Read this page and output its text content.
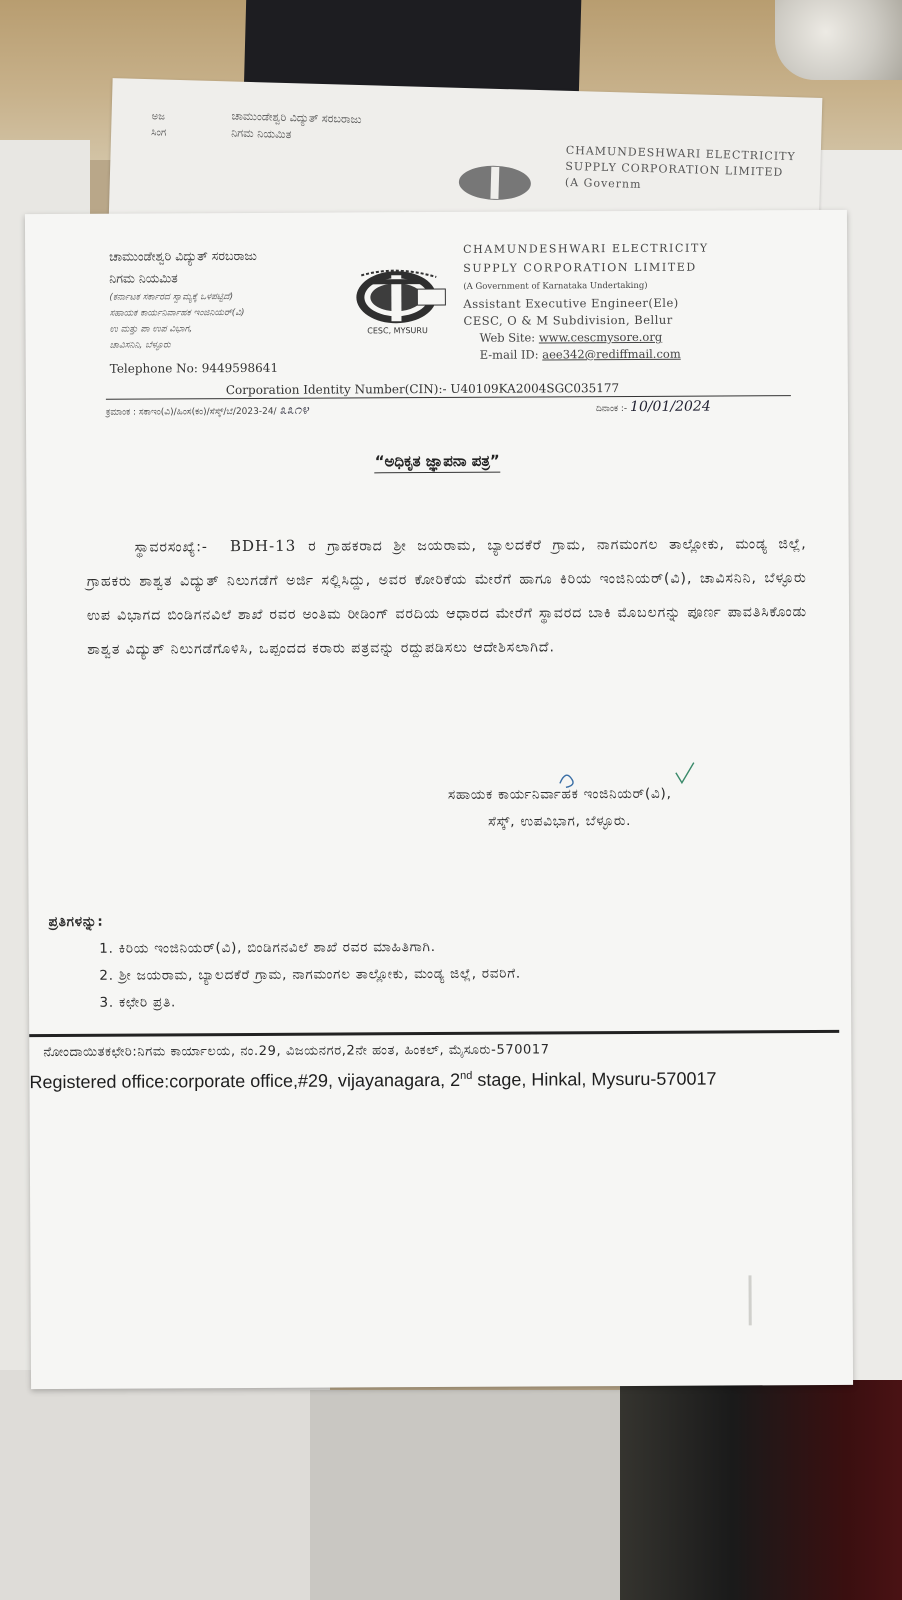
ಅಜ
ಸಿಂಗ
ಚಾಮುಂಡೇಶ್ವರಿ ವಿದ್ಯುತ್ ಸರಬರಾಜು
ನಿಗಮ ನಿಯಮಿತ
CHAMUNDESHWARI ELECTRICITY
SUPPLY CORPORATION LIMITED
(A Governm
ಚಾಮುಂಡೇಶ್ವರಿ ವಿದ್ಯುತ್ ಸರಬರಾಜು
ನಿಗಮ ನಿಯಮಿತ
(ಕರ್ನಾಟಕ ಸರ್ಕಾರದ ಸ್ವಾಮ್ಯಕ್ಕೆ ಒಳಪಟ್ಟಿದೆ)
ಸಹಾಯಕ ಕಾರ್ಯನಿರ್ವಾಹಕ ಇಂಜಿನಿಯರ್(ವಿ)
ಉ ಮತ್ತು ಪಾ ಉಪ ವಿಭಾಗ,
ಚಾವಿಸನಿನಿ, ಬೆಳ್ಳೂರು
Telephone No: 9449598641
CESC, MYSURU
CHAMUNDESHWARI ELECTRICITY
SUPPLY CORPORATION LIMITED
(A Government of Karnataka Undertaking)
Assistant Executive Engineer(Ele)
CESC, O & M Subdivision, Bellur
Web Site: www.cescmysore.org
E-mail ID: aee342@rediffmail.com
Corporation Identity Number(CIN):- U40109KA2004SGC035177
ಕ್ರಮಾಂಕ : ಸಕಾಇಂ(ವಿ)/ಹಿಂಸ(ಕಂ)/ಸೆಸ್ಕ್/ಬೆ/2023-24/ ೩೩೧೪	ದಿನಾಂಕ :- 10/01/2024
“ಅಧಿಕೃತ ಜ್ಞಾಪನಾ ಪತ್ರ”
ಸ್ಥಾವರಸಂಖ್ಯೆ:- BDH-13 ರ ಗ್ರಾಹಕರಾದ ಶ್ರೀ ಜಯರಾಮ, ಬ್ಯಾಲದಕೆರೆ ಗ್ರಾಮ, ನಾಗಮಂಗಲ ತಾಲ್ಲೋಕು, ಮಂಡ್ಯ ಜಿಲ್ಲೆ, ಗ್ರಾಹಕರು ಶಾಶ್ವತ ವಿದ್ಯುತ್ ನಿಲುಗಡೆಗೆ ಅರ್ಜಿ ಸಲ್ಲಿಸಿದ್ದು, ಅವರ ಕೋರಿಕೆಯ ಮೇರೆಗೆ ಹಾಗೂ ಕಿರಿಯ ಇಂಜಿನಿಯರ್(ವಿ), ಚಾವಿಸನಿನಿ, ಬೆಳ್ಳೂರು ಉಪ ವಿಭಾಗದ ಬಿಂಡಿಗನವಿಲೆ ಶಾಖೆ ರವರ ಅಂತಿಮ ರೀಡಿಂಗ್ ವರದಿಯ ಆಧಾರದ ಮೇರೆಗೆ ಸ್ಥಾವರದ ಬಾಕಿ ಮೊಬಲಗನ್ನು ಪೂರ್ಣ ಪಾವತಿಸಿಕೊಂಡು ಶಾಶ್ವತ ವಿದ್ಯುತ್ ನಿಲುಗಡೆಗೊಳಿಸಿ, ಒಪ್ಪಂದದ ಕರಾರು ಪತ್ರವನ್ನು ರದ್ದುಪಡಿಸಲು ಆದೇಶಿಸಲಾಗಿದೆ.
ಸಹಾಯಕ ಕಾರ್ಯನಿರ್ವಾಹಕ ಇಂಜಿನಿಯರ್(ವಿ),
ಸೆಸ್ಕ್, ಉಪವಿಭಾಗ, ಬೆಳ್ಳೂರು.
ಪ್ರತಿಗಳನ್ನು:
1. ಕಿರಿಯ ಇಂಜಿನಿಯರ್(ವಿ), ಬಿಂಡಿಗನವಿಲೆ ಶಾಖೆ ರವರ ಮಾಹಿತಿಗಾಗಿ.
2. ಶ್ರೀ ಜಯರಾಮ, ಬ್ಯಾಲದಕೆರೆ ಗ್ರಾಮ, ನಾಗಮಂಗಲ ತಾಲ್ಲೋಕು, ಮಂಡ್ಯ ಜಿಲ್ಲೆ, ರವರಿಗೆ.
3. ಕಛೇರಿ ಪ್ರತಿ.
ನೋಂದಾಯಿತಕಛೇರಿ:ನಿಗಮ ಕಾರ್ಯಾಲಯ, ನಂ.29, ವಿಜಯನಗರ,2ನೇ ಹಂತ, ಹಿಂಕಲ್, ಮೈಸೂರು-570017
Registered office:corporate office,#29, vijayanagara, 2nd stage, Hinkal, Mysuru-570017
